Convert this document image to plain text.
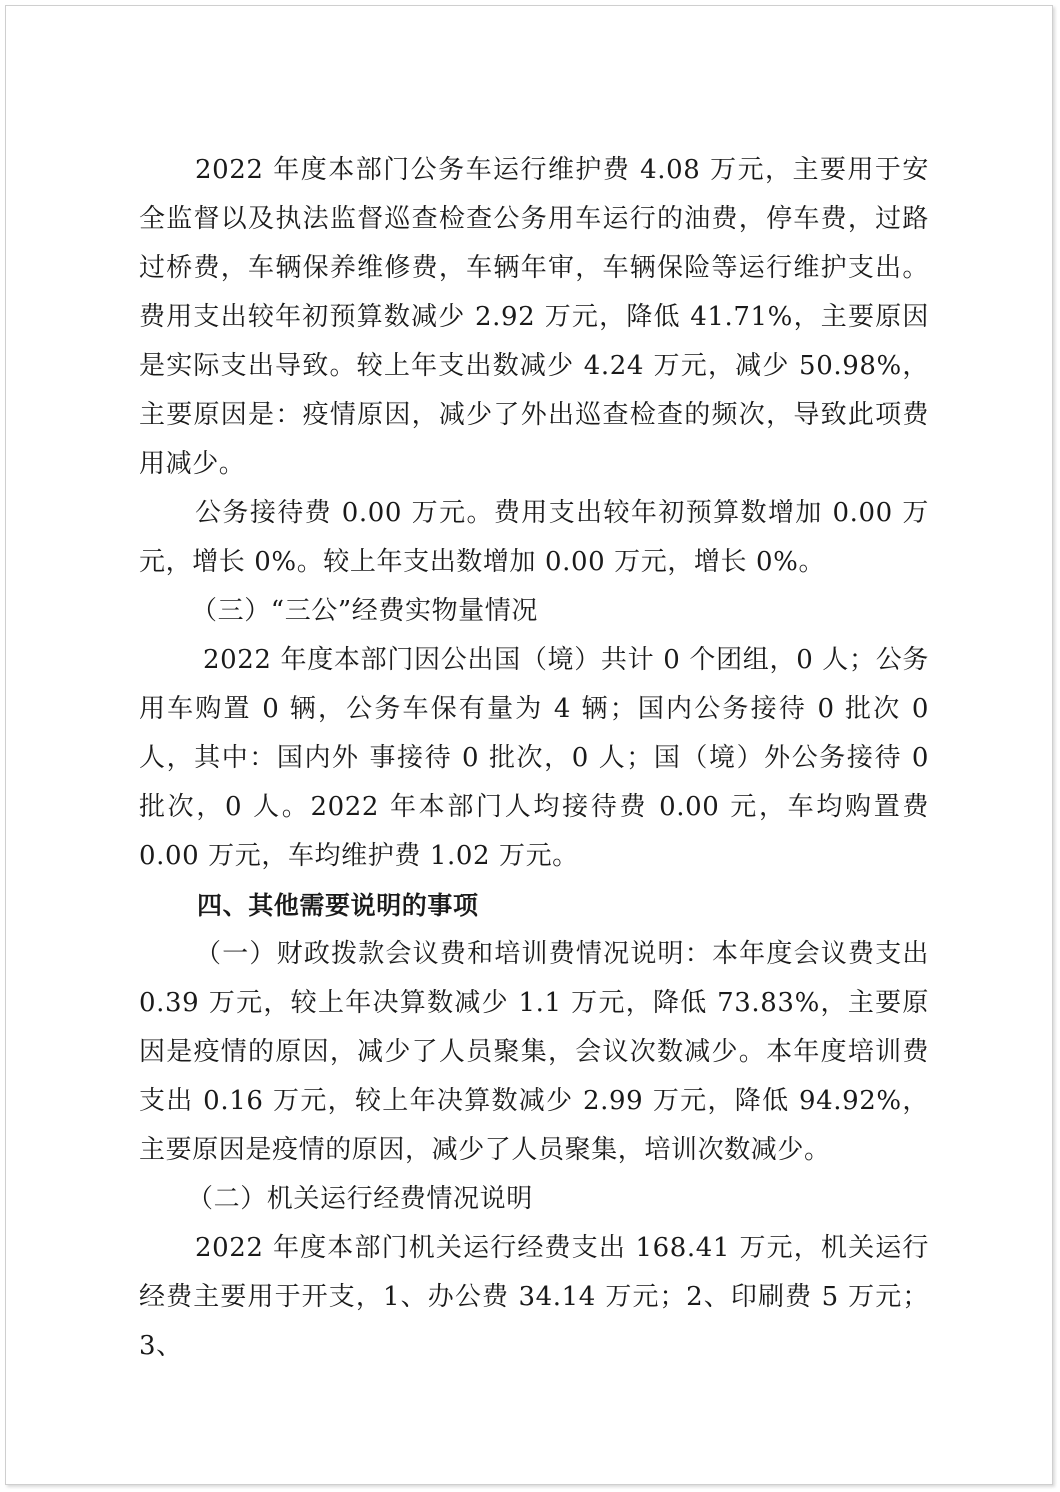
2022 年度本部门公务车运行维护费 4.08 万元，主要用于安全监督以及执法监督巡查检查公务用车运行的油费，停车费，过路过桥费，车辆保养维修费，车辆年审，车辆保险等运行维护支出。费用支出较年初预算数减少 2.92 万元，降低 41.71%，主要原因是实际支出导致。较上年支出数减少 4.24 万元，减少 50.98%，主要原因是：疫情原因，减少了外出巡查检查的频次，导致此项费用减少。

公务接待费 0.00 万元。费用支出较年初预算数增加 0.00 万元，增长 0%。较上年支出数增加 0.00 万元，增长 0%。

（三）“三公”经费实物量情况

2022 年度本部门因公出国（境）共计 0 个团组，0 人；公务用车购置 0 辆，公务车保有量为 4 辆；国内公务接待 0 批次 0 人，其中：国内外 事接待 0 批次，0 人；国（境）外公务接待 0 批次，0 人。2022 年本部门人均接待费 0.00 元，车均购置费 0.00 万元，车均维护费 1.02 万元。

四、其他需要说明的事项

（一）财政拨款会议费和培训费情况说明：本年度会议费支出 0.39 万元，较上年决算数减少 1.1 万元，降低 73.83%，主要原因是疫情的原因，减少了人员聚集，会议次数减少。本年度培训费支出 0.16 万元，较上年决算数减少 2.99 万元，降低 94.92%，主要原因是疫情的原因，减少了人员聚集，培训次数减少。

（二）机关运行经费情况说明

2022 年度本部门机关运行经费支出 168.41 万元，机关运行经费主要用于开支，1、办公费 34.14 万元；2、印刷费 5 万元；3、
